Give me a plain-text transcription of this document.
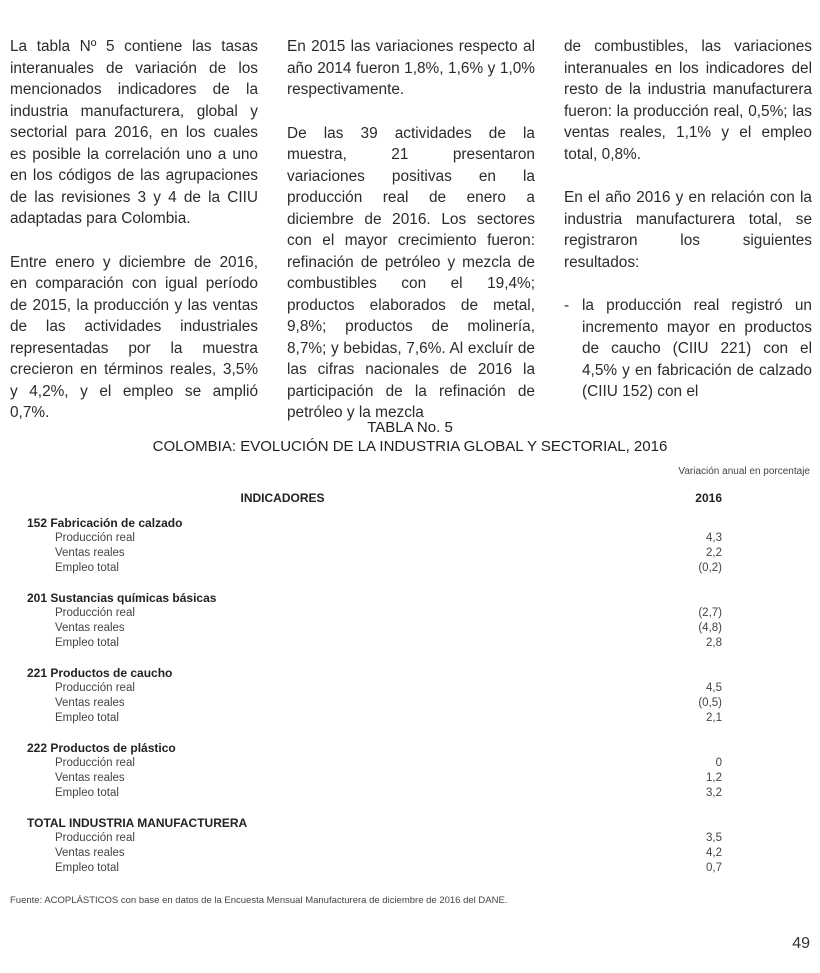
La tabla Nº 5 contiene las tasas interanuales de variación de los mencionados indicadores de la industria manufacturera, global y sectorial para 2016, en los cuales es posible la correlación uno a uno en los códigos de las agrupaciones de las revisiones 3 y 4 de la CIIU adaptadas para Colombia.

Entre enero y diciembre de 2016, en comparación con igual período de 2015, la producción y las ventas de las actividades industriales representadas por la muestra crecieron en términos reales, 3,5% y 4,2%, y el empleo se amplió 0,7%.

En 2015 las variaciones respecto al año 2014 fueron 1,8%, 1,6% y 1,0% respectivamente.

De las 39 actividades de la muestra, 21 presentaron variaciones positivas en la producción real de enero a diciembre de 2016. Los sectores con el mayor crecimiento fueron: refinación de petróleo y mezcla de combustibles con el 19,4%; productos elaborados de metal, 9,8%; productos de molinería, 8,7%; y bebidas, 7,6%. Al excluír de las cifras nacionales de 2016 la participación de la refinación de petróleo y la mezcla

de combustibles, las variaciones interanuales en los indicadores del resto de la industria manufacturera fueron: la producción real, 0,5%; las ventas reales, 1,1% y el empleo total, 0,8%.

En el año 2016 y en relación con la industria manufacturera total, se registraron los siguientes resultados:

- la producción real registró un incremento mayor en productos de caucho (CIIU 221) con el 4,5% y en fabricación de calzado (CIIU 152) con el
TABLA No. 5
COLOMBIA: EVOLUCIÓN DE LA INDUSTRIA GLOBAL Y SECTORIAL, 2016
Variación anual en porcentaje
INDICADORES	2016
152 Fabricación de calzado
Producción real	4,3
Ventas reales	2,2
Empleo total	(0,2)
201 Sustancias químicas básicas
Producción real	(2,7)
Ventas reales	(4,8)
Empleo total	2,8
221 Productos de caucho
Producción real	4,5
Ventas reales	(0,5)
Empleo total	2,1
222 Productos de plástico
Producción real	0
Ventas reales	1,2
Empleo total	3,2
TOTAL INDUSTRIA MANUFACTURERA
Producción real	3,5
Ventas reales	4,2
Empleo total	0,7
Fuente: ACOPLÁSTICOS con base en datos de la Encuesta Mensual Manufacturera de diciembre de 2016 del DANE.
49
